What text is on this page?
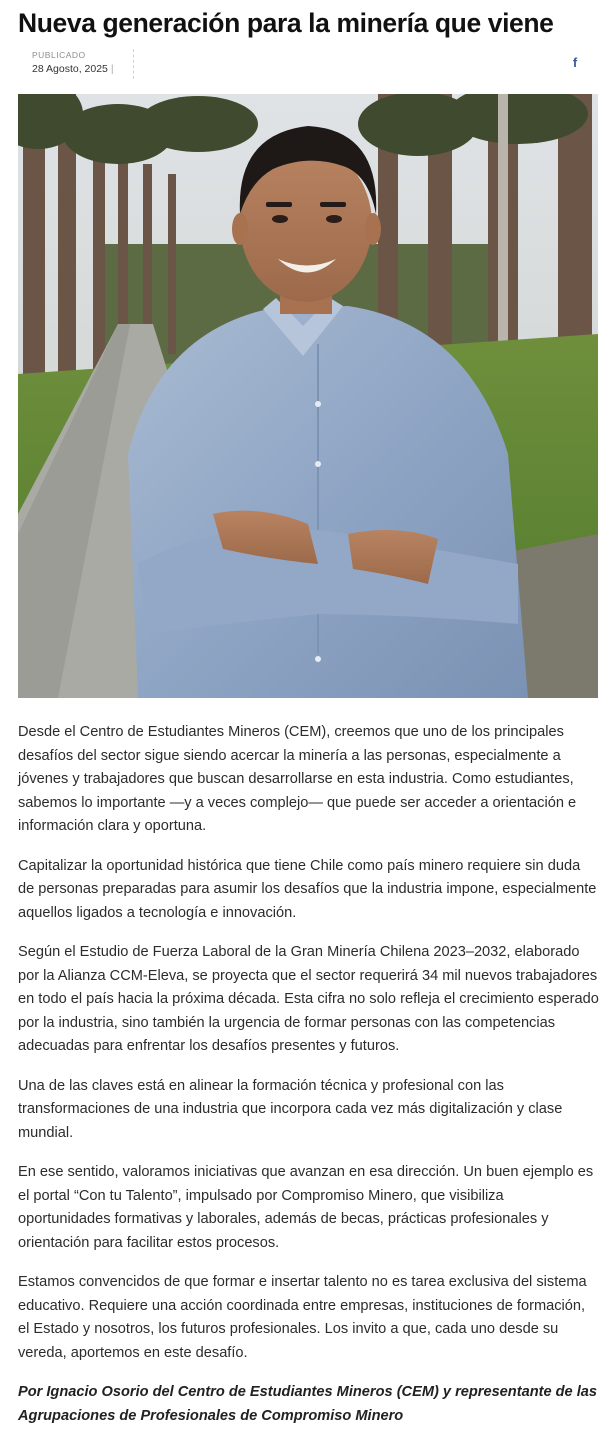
Nueva generación para la minería que viene
PUBLICADO
28 Agosto, 2025 |	f

Desde el Centro de Estudiantes Mineros (CEM), creemos que uno de los principales desafíos del sector sigue siendo acercar la minería a las personas, especialmente a jóvenes y trabajadores que buscan desarrollarse en esta industria. Como estudiantes, sabemos lo importante —y a veces complejo— que puede ser acceder a orientación e información clara y oportuna.

Capitalizar la oportunidad histórica que tiene Chile como país minero requiere sin duda de personas preparadas para asumir los desafíos que la industria impone, especialmente aquellos ligados a tecnología e innovación.

Según el Estudio de Fuerza Laboral de la Gran Minería Chilena 2023–2032, elaborado por la Alianza CCM-Eleva, se proyecta que el sector requerirá 34 mil nuevos trabajadores en todo el país hacia la próxima década. Esta cifra no solo refleja el crecimiento esperado por la industria, sino también la urgencia de formar personas con las competencias adecuadas para enfrentar los desafíos presentes y futuros.

Una de las claves está en alinear la formación técnica y profesional con las transformaciones de una industria que incorpora cada vez más digitalización y clase mundial.

En ese sentido, valoramos iniciativas que avanzan en esa dirección. Un buen ejemplo es el portal “Con tu Talento”, impulsado por Compromiso Minero, que visibiliza oportunidades formativas y laborales, además de becas, prácticas profesionales y orientación para facilitar estos procesos.

Estamos convencidos de que formar e insertar talento no es tarea exclusiva del sistema educativo. Requiere una acción coordinada entre empresas, instituciones de formación, el Estado y nosotros, los futuros profesionales. Los invito a que, cada uno desde su vereda, aportemos en este desafío.

Por Ignacio Osorio del Centro de Estudiantes Mineros (CEM) y representante de las Agrupaciones de Profesionales de Compromiso Minero
